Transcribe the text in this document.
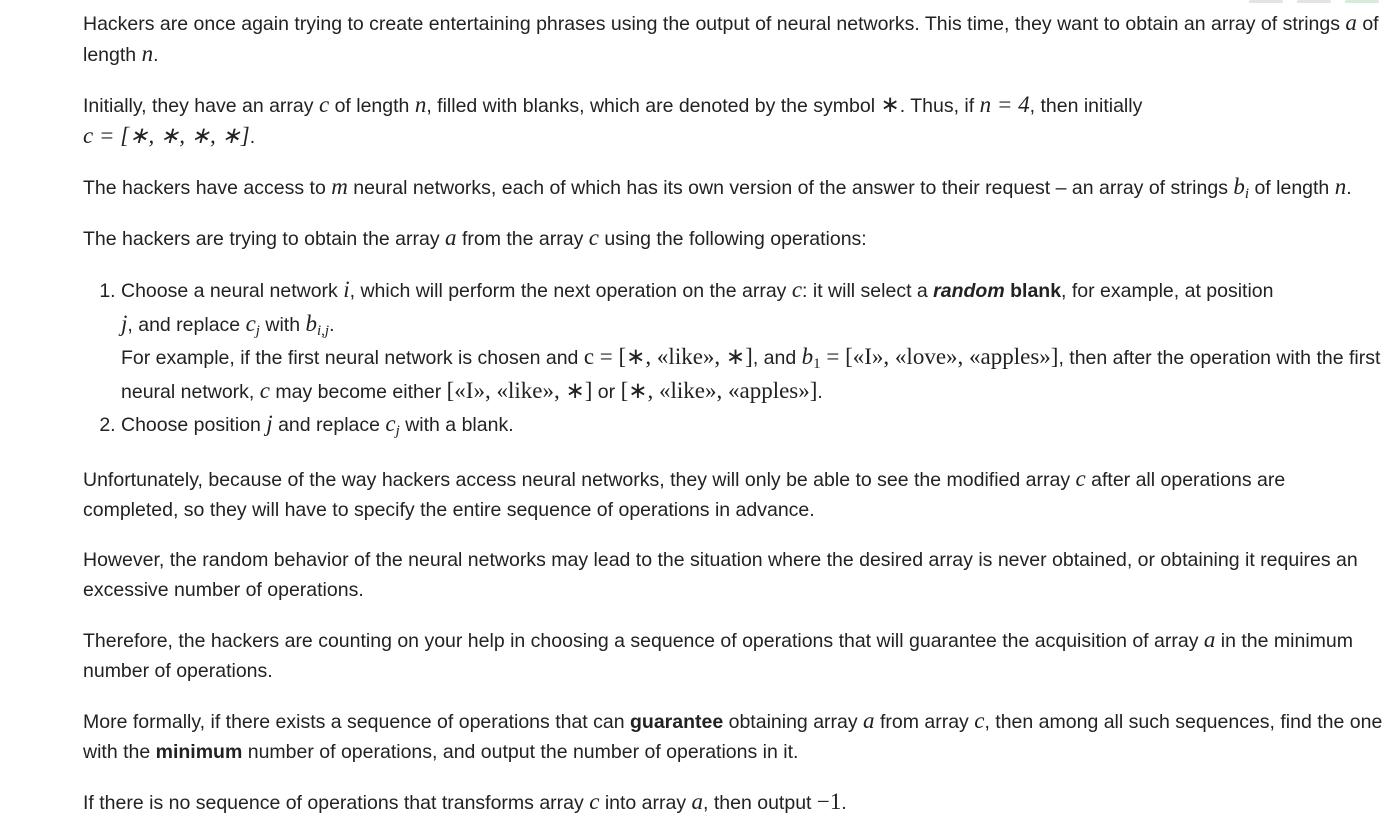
Hackers are once again trying to create entertaining phrases using the output of neural networks. This time, they want to obtain an array of strings a of length n.

Initially, they have an array c of length n, filled with blanks, which are denoted by the symbol ∗. Thus, if n = 4, then initially
c = [∗, ∗, ∗, ∗].

The hackers have access to m neural networks, each of which has its own version of the answer to their request – an array of strings $b_i$ of length n.

The hackers are trying to obtain the array a from the array c using the following operations:

1. Choose a neural network i, which will perform the next operation on the array c: it will select a random blank, for example, at position
j, and replace $c_j$ with $b_{i,j}$.
For example, if the first neural network is chosen and c = [∗, «like», ∗], and $b_1$ = [«I», «love», «apples»], then after the operation with the first neural network, c may become either [«I», «like», ∗] or [∗, «like», «apples»].
2. Choose position j and replace $c_j$ with a blank.

Unfortunately, because of the way hackers access neural networks, they will only be able to see the modified array c after all operations are completed, so they will have to specify the entire sequence of operations in advance.

However, the random behavior of the neural networks may lead to the situation where the desired array is never obtained, or obtaining it requires an excessive number of operations.

Therefore, the hackers are counting on your help in choosing a sequence of operations that will guarantee the acquisition of array a in the minimum number of operations.

More formally, if there exists a sequence of operations that can guarantee obtaining array a from array c, then among all such sequences, find the one with the minimum number of operations, and output the number of operations in it.

If there is no sequence of operations that transforms array c into array a, then output −1.
